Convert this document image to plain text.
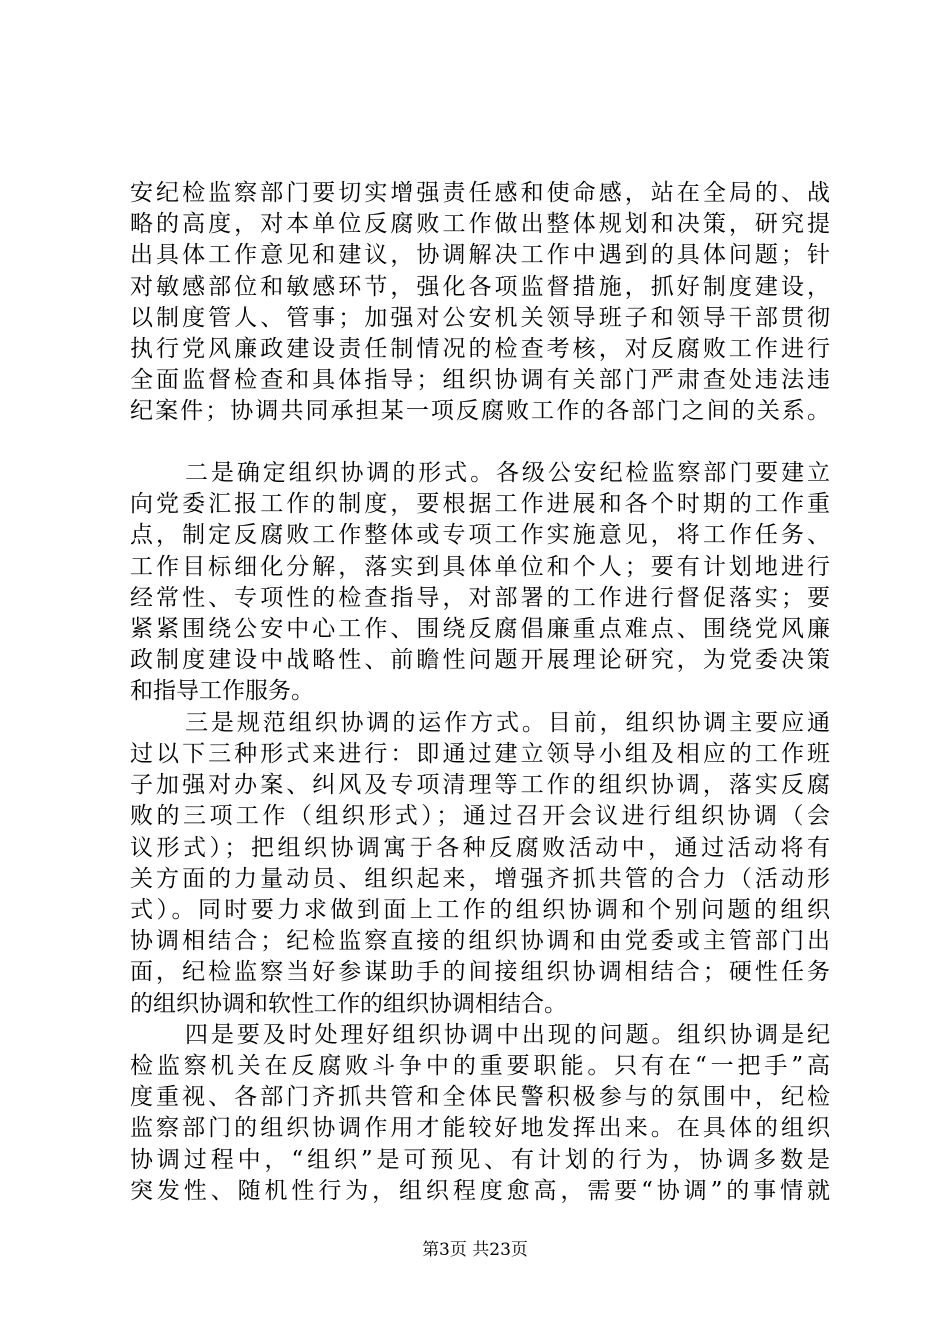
安纪检监察部门要切实增强责任感和使命感，站在全局的、战
略的高度，对本单位反腐败工作做出整体规划和决策，研究提
出具体工作意见和建议，协调解决工作中遇到的具体问题；针
对敏感部位和敏感环节，强化各项监督措施，抓好制度建设，
以制度管人、管事；加强对公安机关领导班子和领导干部贯彻
执行党风廉政建设责任制情况的检查考核，对反腐败工作进行
全面监督检查和具体指导；组织协调有关部门严肃查处违法违
纪案件；协调共同承担某一项反腐败工作的各部门之间的关系。
二是确定组织协调的形式。各级公安纪检监察部门要建立
向党委汇报工作的制度，要根据工作进展和各个时期的工作重
点，制定反腐败工作整体或专项工作实施意见，将工作任务、
工作目标细化分解，落实到具体单位和个人；要有计划地进行
经常性、专项性的检查指导，对部署的工作进行督促落实；要
紧紧围绕公安中心工作、围绕反腐倡廉重点难点、围绕党风廉
政制度建设中战略性、前瞻性问题开展理论研究，为党委决策
和指导工作服务。
三是规范组织协调的运作方式。目前，组织协调主要应通
过以下三种形式来进行：即通过建立领导小组及相应的工作班
子加强对办案、纠风及专项清理等工作的组织协调，落实反腐
败的三项工作（组织形式）；通过召开会议进行组织协调（会
议形式）；把组织协调寓于各种反腐败活动中，通过活动将有
关方面的力量动员、组织起来，增强齐抓共管的合力（活动形
式）。同时要力求做到面上工作的组织协调和个别问题的组织
协调相结合；纪检监察直接的组织协调和由党委或主管部门出
面，纪检监察当好参谋助手的间接组织协调相结合；硬性任务
的组织协调和软性工作的组织协调相结合。
四是要及时处理好组织协调中出现的问题。组织协调是纪
检监察机关在反腐败斗争中的重要职能。只有在“一把手”高
度重视、各部门齐抓共管和全体民警积极参与的氛围中，纪检
监察部门的组织协调作用才能较好地发挥出来。在具体的组织
协调过程中，“组织”是可预见、有计划的行为，协调多数是
突发性、随机性行为，组织程度愈高，需要“协调”的事情就
第3页 共23页
